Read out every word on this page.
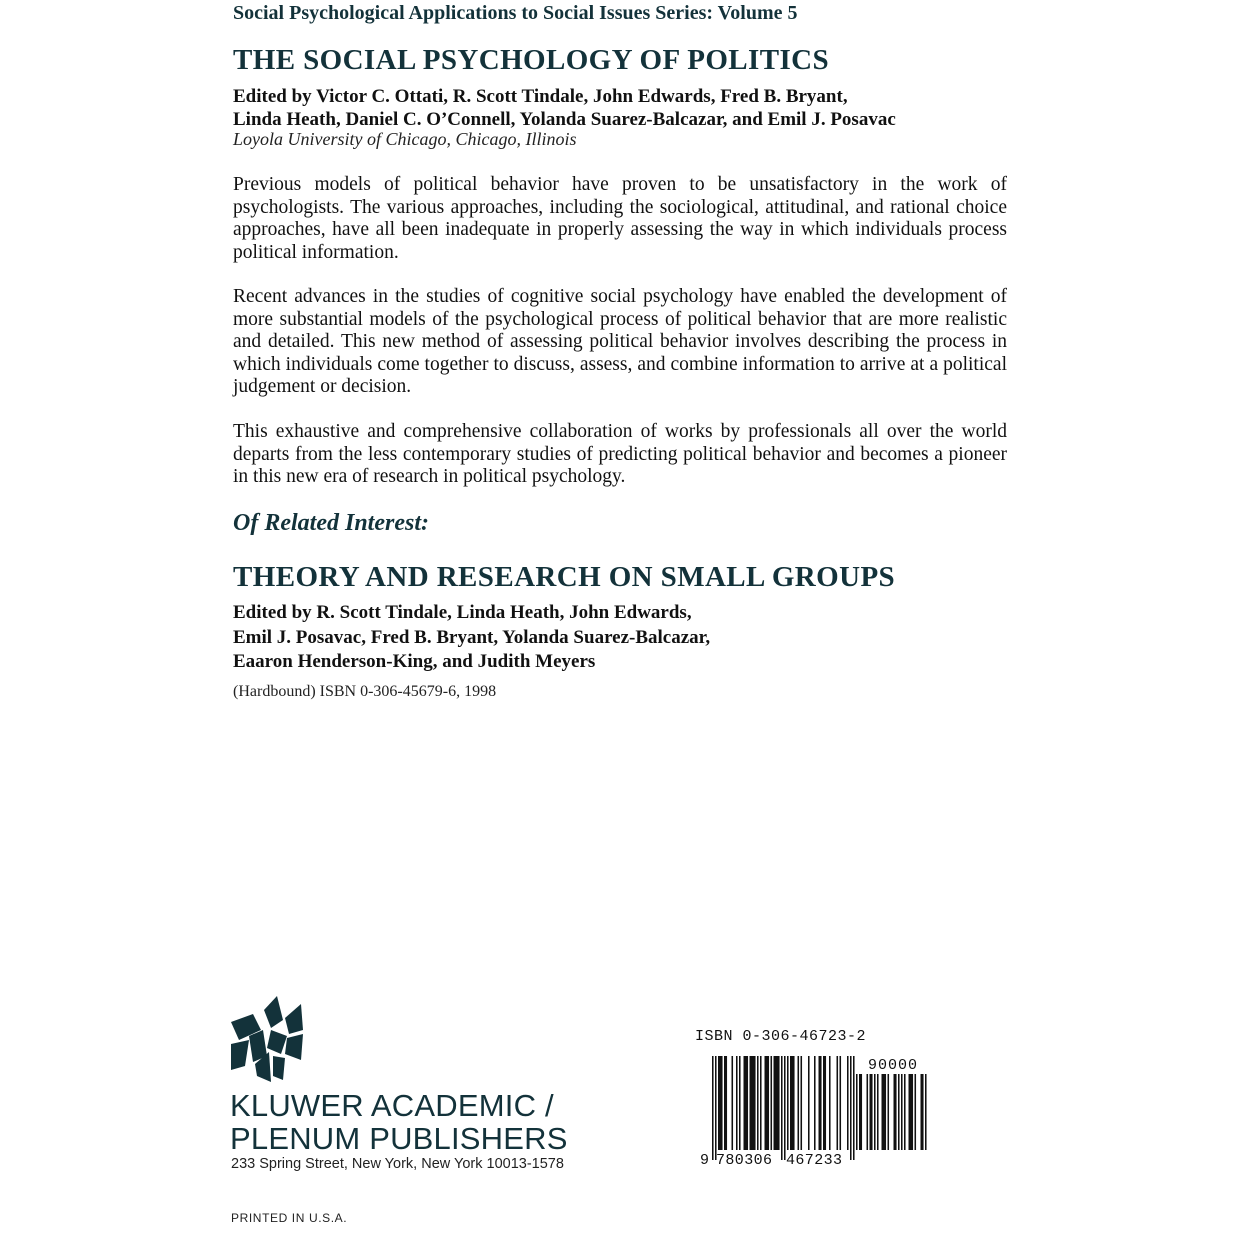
Social Psychological Applications to Social Issues Series: Volume 5
THE SOCIAL PSYCHOLOGY OF POLITICS
Edited by Victor C. Ottati, R. Scott Tindale, John Edwards, Fred B. Bryant,
Linda Heath, Daniel C. O’Connell, Yolanda Suarez-Balcazar, and Emil J. Posavac
Loyola University of Chicago, Chicago, Illinois
Previous models of political behavior have proven to be unsatisfactory in the work of psychologists. The various approaches, including the sociological, attitudinal, and rational choice approaches, have all been inadequate in properly assessing the way in which individuals process political information.
Recent advances in the studies of cognitive social psychology have enabled the development of more substantial models of the psychological process of political behavior that are more realistic and detailed. This new method of assessing political behavior involves describing the process in which individuals come together to discuss, assess, and combine information to arrive at a political judgement or decision.
This exhaustive and comprehensive collaboration of works by professionals all over the world departs from the less contemporary studies of predicting political behavior and becomes a pioneer in this new era of research in political psychology.
Of Related Interest:
THEORY AND RESEARCH ON SMALL GROUPS
Edited by R. Scott Tindale, Linda Heath, John Edwards,
Emil J. Posavac, Fred B. Bryant, Yolanda Suarez-Balcazar,
Eaaron Henderson-King, and Judith Meyers
(Hardbound) ISBN 0-306-45679-6, 1998
KLUWER ACADEMIC /
PLENUM PUBLISHERS
233 Spring Street, New York, New York 10013-1578
PRINTED IN U.S.A.
ISBN 0-306-46723-2
9 780306 467233
90000
